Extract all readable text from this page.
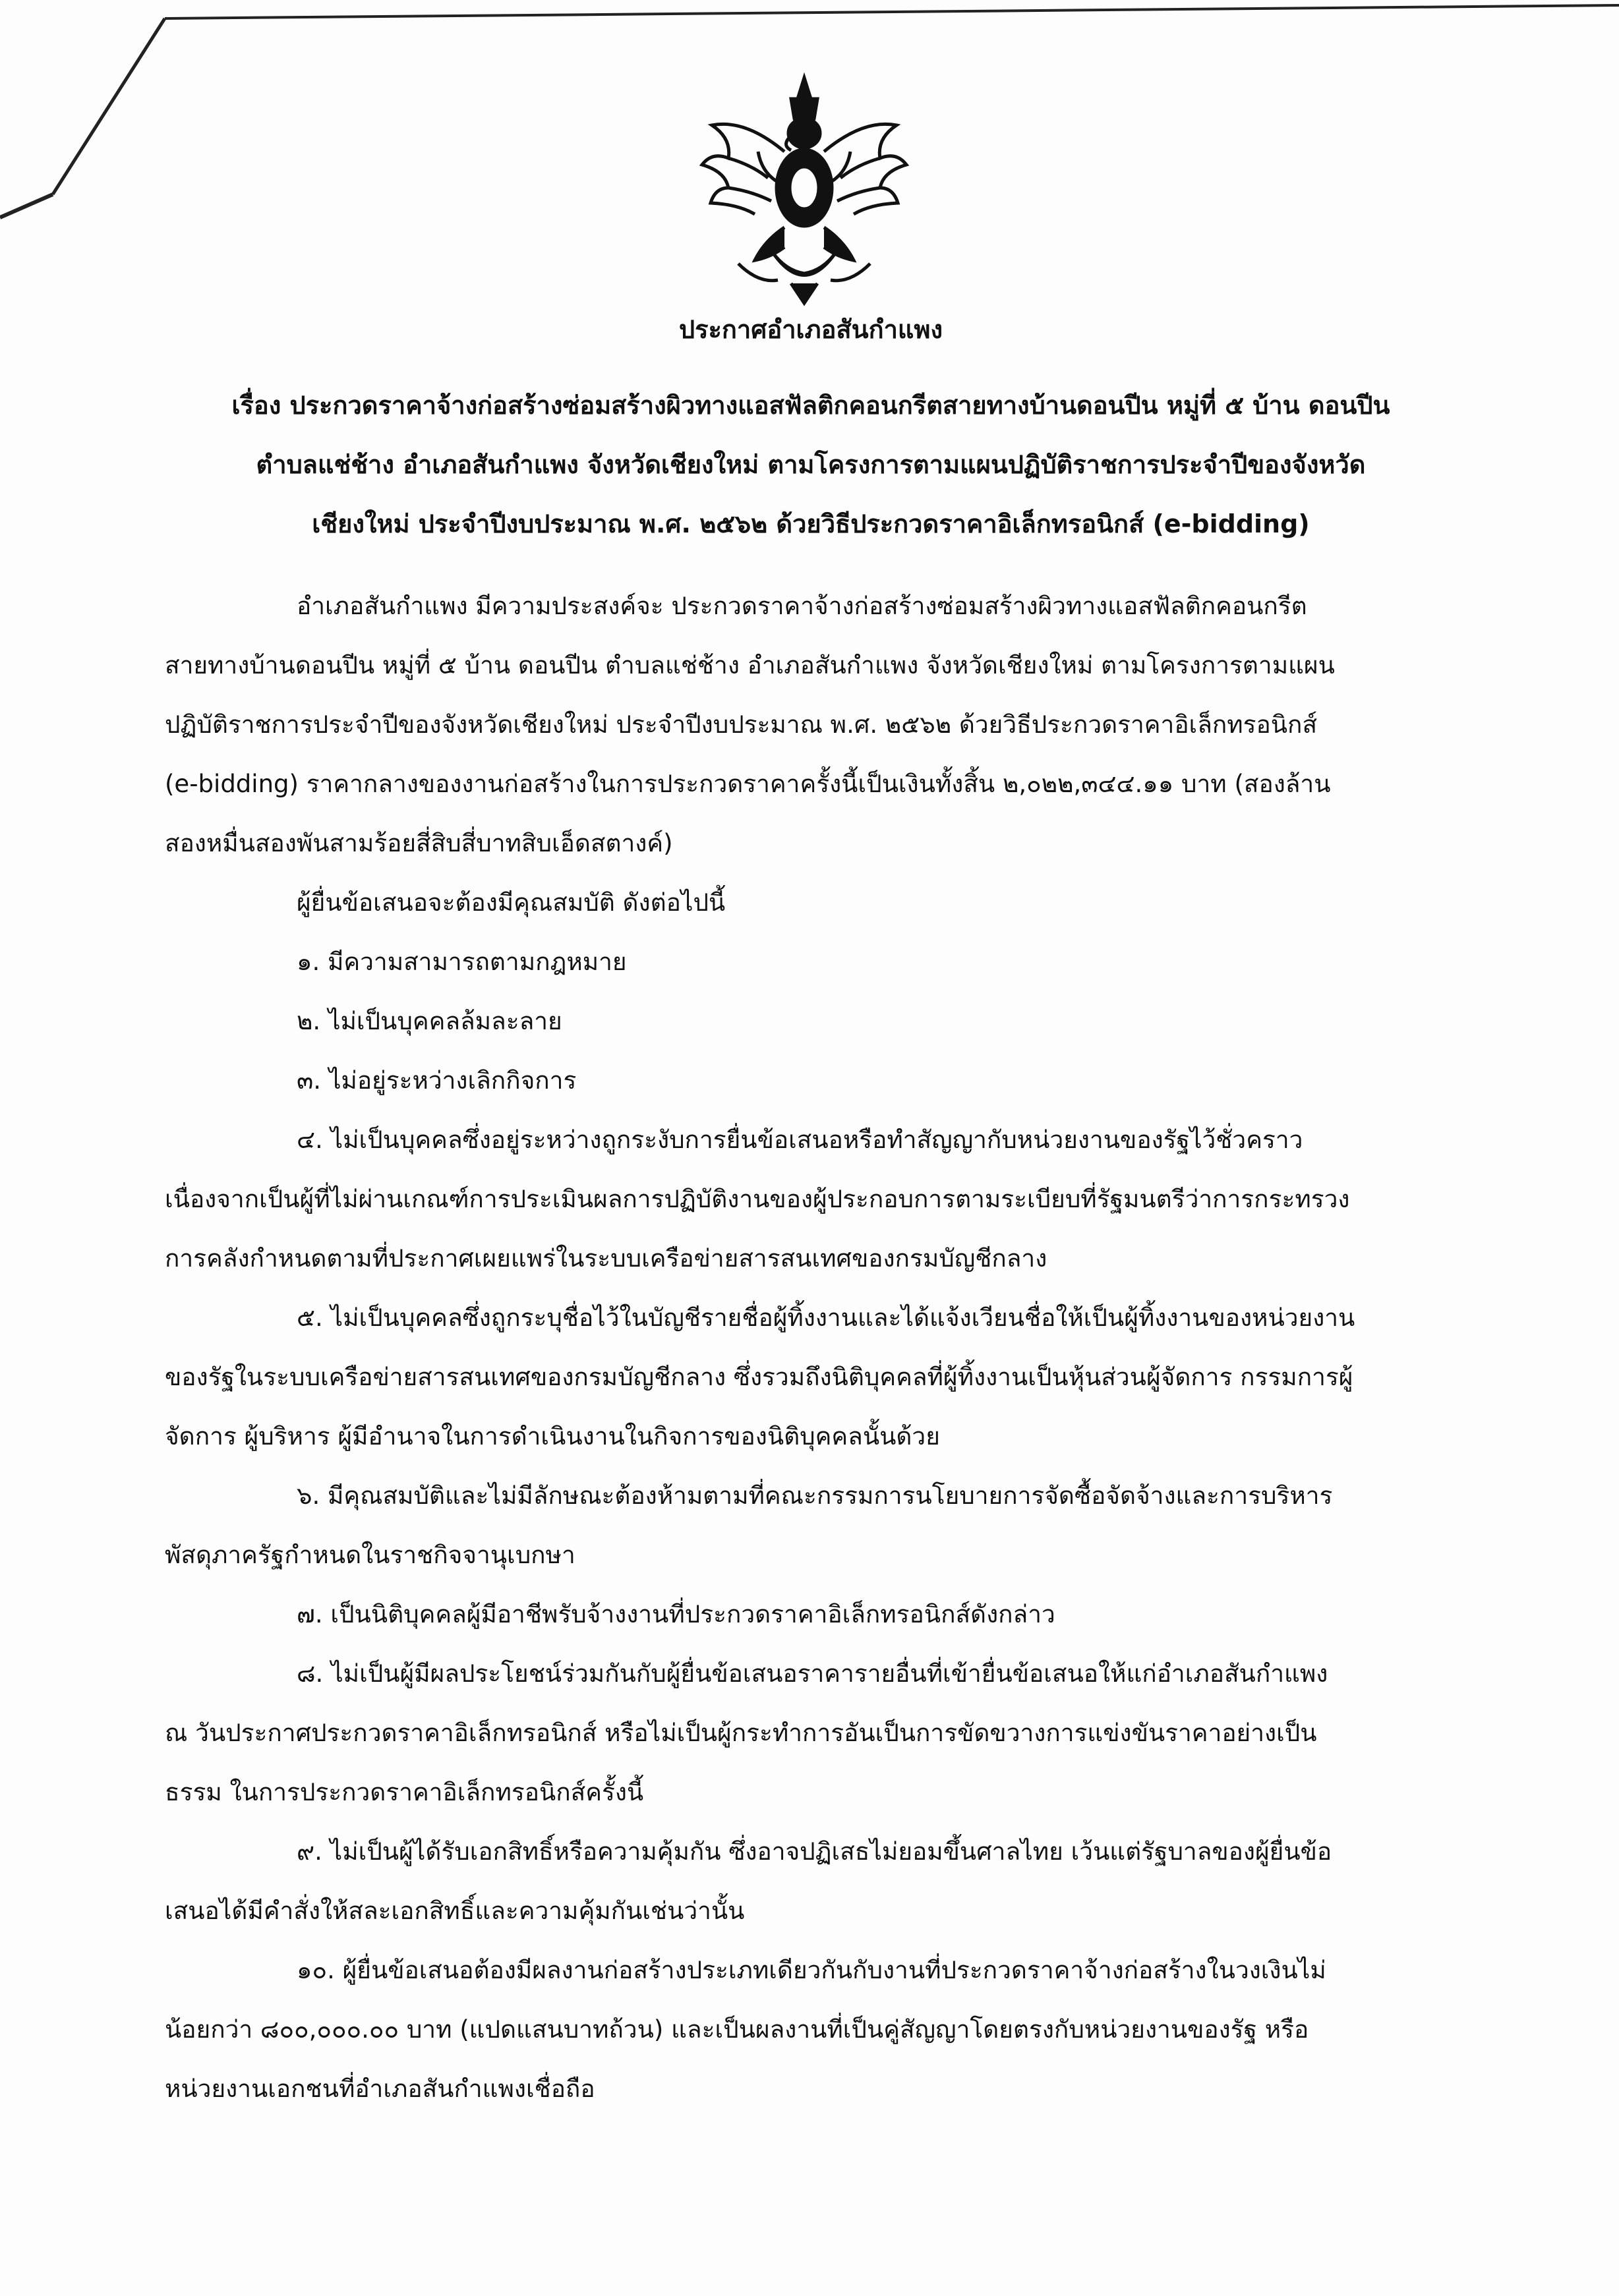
ประกาศอำเภอสันกำแพง
เรื่อง ประกวดราคาจ้างก่อสร้างซ่อมสร้างผิวทางแอสฟัลติกคอนกรีตสายทางบ้านดอนปีน หมู่ที่ ๕ บ้าน ดอนปีน
ตำบลแช่ช้าง อำเภอสันกำแพง จังหวัดเชียงใหม่ ตามโครงการตามแผนปฏิบัติราชการประจำปีของจังหวัด
เชียงใหม่ ประจำปีงบประมาณ พ.ศ. ๒๕๖๒ ด้วยวิธีประกวดราคาอิเล็กทรอนิกส์ (e-bidding)
อำเภอสันกำแพง มีความประสงค์จะ ประกวดราคาจ้างก่อสร้างซ่อมสร้างผิวทางแอสฟัลติกคอนกรีต
สายทางบ้านดอนปีน หมู่ที่ ๕ บ้าน ดอนปีน ตำบลแช่ช้าง อำเภอสันกำแพง จังหวัดเชียงใหม่ ตามโครงการตามแผน
ปฏิบัติราชการประจำปีของจังหวัดเชียงใหม่ ประจำปีงบประมาณ พ.ศ. ๒๕๖๒ ด้วยวิธีประกวดราคาอิเล็กทรอนิกส์
(e-bidding) ราคากลางของงานก่อสร้างในการประกวดราคาครั้งนี้เป็นเงินทั้งสิ้น ๒,๐๒๒,๓๔๔.๑๑ บาท (สองล้าน
สองหมื่นสองพันสามร้อยสี่สิบสี่บาทสิบเอ็ดสตางค์)
ผู้ยื่นข้อเสนอจะต้องมีคุณสมบัติ ดังต่อไปนี้
๑. มีความสามารถตามกฎหมาย
๒. ไม่เป็นบุคคลล้มละลาย
๓. ไม่อยู่ระหว่างเลิกกิจการ
๔. ไม่เป็นบุคคลซึ่งอยู่ระหว่างถูกระงับการยื่นข้อเสนอหรือทำสัญญากับหน่วยงานของรัฐไว้ชั่วคราว
เนื่องจากเป็นผู้ที่ไม่ผ่านเกณฑ์การประเมินผลการปฏิบัติงานของผู้ประกอบการตามระเบียบที่รัฐมนตรีว่าการกระทรวง
การคลังกำหนดตามที่ประกาศเผยแพร่ในระบบเครือข่ายสารสนเทศของกรมบัญชีกลาง
๕. ไม่เป็นบุคคลซึ่งถูกระบุชื่อไว้ในบัญชีรายชื่อผู้ทิ้งงานและได้แจ้งเวียนชื่อให้เป็นผู้ทิ้งงานของหน่วยงาน
ของรัฐในระบบเครือข่ายสารสนเทศของกรมบัญชีกลาง ซึ่งรวมถึงนิติบุคคลที่ผู้ทิ้งงานเป็นหุ้นส่วนผู้จัดการ กรรมการผู้
จัดการ ผู้บริหาร ผู้มีอำนาจในการดำเนินงานในกิจการของนิติบุคคลนั้นด้วย
๖. มีคุณสมบัติและไม่มีลักษณะต้องห้ามตามที่คณะกรรมการนโยบายการจัดซื้อจัดจ้างและการบริหาร
พัสดุภาครัฐกำหนดในราชกิจจานุเบกษา
๗. เป็นนิติบุคคลผู้มีอาชีพรับจ้างงานที่ประกวดราคาอิเล็กทรอนิกส์ดังกล่าว
๘. ไม่เป็นผู้มีผลประโยชน์ร่วมกันกับผู้ยื่นข้อเสนอราคารายอื่นที่เข้ายื่นข้อเสนอให้แก่อำเภอสันกำแพง
ณ วันประกาศประกวดราคาอิเล็กทรอนิกส์ หรือไม่เป็นผู้กระทำการอันเป็นการขัดขวางการแข่งขันราคาอย่างเป็น
ธรรม ในการประกวดราคาอิเล็กทรอนิกส์ครั้งนี้
๙. ไม่เป็นผู้ได้รับเอกสิทธิ์หรือความคุ้มกัน ซึ่งอาจปฏิเสธไม่ยอมขึ้นศาลไทย เว้นแต่รัฐบาลของผู้ยื่นข้อ
เสนอได้มีคำสั่งให้สละเอกสิทธิ์และความคุ้มกันเช่นว่านั้น
๑๐. ผู้ยื่นข้อเสนอต้องมีผลงานก่อสร้างประเภทเดียวกันกับงานที่ประกวดราคาจ้างก่อสร้างในวงเงินไม่
น้อยกว่า ๘๐๐,๐๐๐.๐๐ บาท (แปดแสนบาทถ้วน) และเป็นผลงานที่เป็นคู่สัญญาโดยตรงกับหน่วยงานของรัฐ หรือ
หน่วยงานเอกชนที่อำเภอสันกำแพงเชื่อถือ
